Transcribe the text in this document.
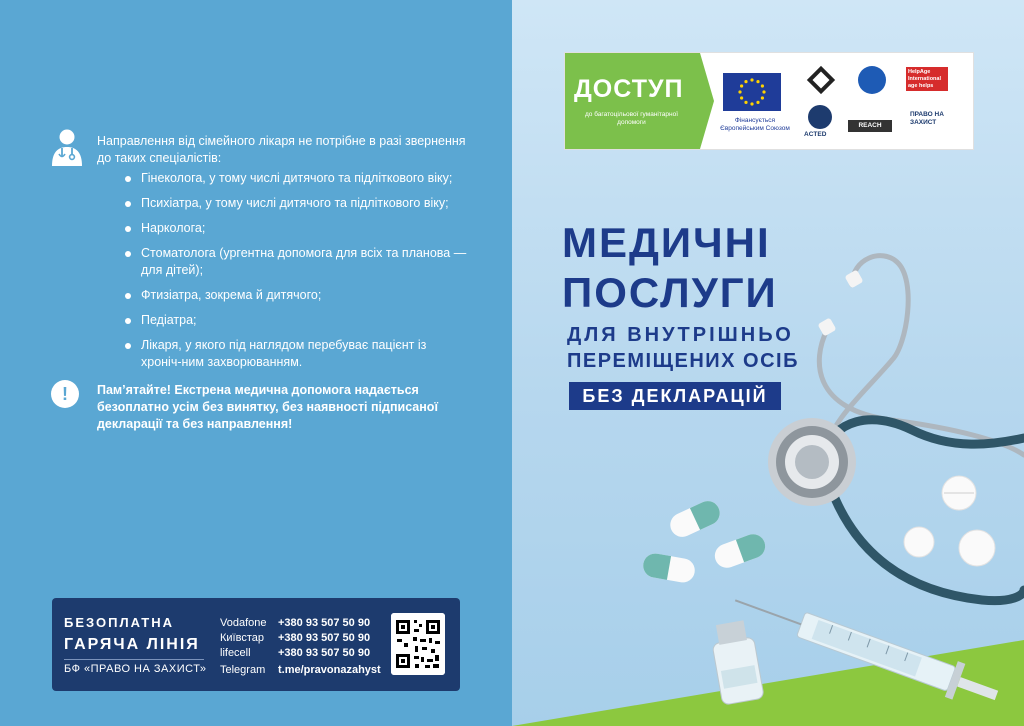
Направлення від сімейного лікаря не потрібне в разі звернення до таких спеціалістів:
Гінеколога, у тому числі дитячого та підліткового віку;
Психіатра, у тому числі дитячого та підліткового віку;
Нарколога;
Стоматолога (ургентна допомога для всіх та планова — для дітей);
Фтизіатра, зокрема й дитячого;
Педіатра;
Лікаря, у якого під наглядом перебуває пацієнт із хроніч-ним захворюванням.
!	Пам’ятайте! Екстрена медична допомога надається безоплатно усім без винятку, без наявності підписаної декларації та без направлення!
БЕЗОПЛАТНА
ГАРЯЧА ЛІНІЯ
БФ «ПРАВО НА ЗАХИСТ»
Vodafone
Київстар
lifecell
+380 93 507 50 90
+380 93 507 50 90
+380 93 507 50 90
Telegram t.me/pravonazahyst
ДОСТУП
до багатоцільової гуманітарної допомоги	Фінансується Європейським Союзом
HelpAge International
age helps
ACTED
REACH
ПРАВО НА ЗАХИСТ
МЕДИЧНІ
ПОСЛУГИ
ДЛЯ ВНУТРІШНЬО
ПЕРЕМІЩЕНИХ ОСІБ
БЕЗ ДЕКЛАРАЦІЙ
